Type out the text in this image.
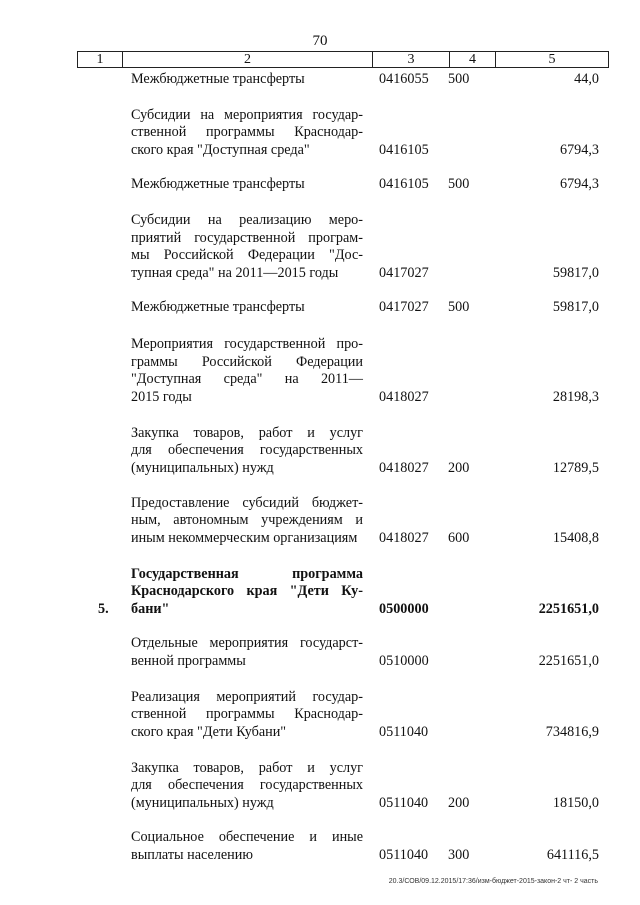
70
1	2	3	4	5
Межбюджетные трансферты	0416055 500	44,0
Субсидии на мероприятия государ-
ственной программы Краснодар-
ского края "Доступная среда"	0416105	6794,3
Межбюджетные трансферты	0416105 500	6794,3
Субсидии на реализацию меро-
приятий государственной програм-
мы Российской Федерации "Дос-
тупная среда" на 2011—2015 годы	0417027	59817,0
Межбюджетные трансферты	0417027 500	59817,0
Мероприятия государственной про-
граммы Российской Федерации
"Доступная среда" на 2011—
2015 годы	0418027	28198,3
Закупка товаров, работ и услуг
для обеспечения государственных
(муниципальных) нужд	0418027 200	12789,5
Предоставление субсидий бюджет-
ным, автономным учреждениям и
иным некоммерческим организациям	0418027 600	15408,8
5.
Государственная программа
Краснодарского края "Дети Ку-
бани"	0500000	2251651,0
Отдельные мероприятия государст-
венной программы	0510000	2251651,0
Реализация мероприятий государ-
ственной программы Краснодар-
ского края "Дети Кубани"	0511040	734816,9
Закупка товаров, работ и услуг
для обеспечения государственных
(муниципальных) нужд	0511040 200	18150,0
Социальное обеспечение и иные
выплаты населению	0511040 300	641116,5
20.3/СОВ/09.12.2015/17:36/изм-бюджет-2015-закон-2 чт- 2 часть
